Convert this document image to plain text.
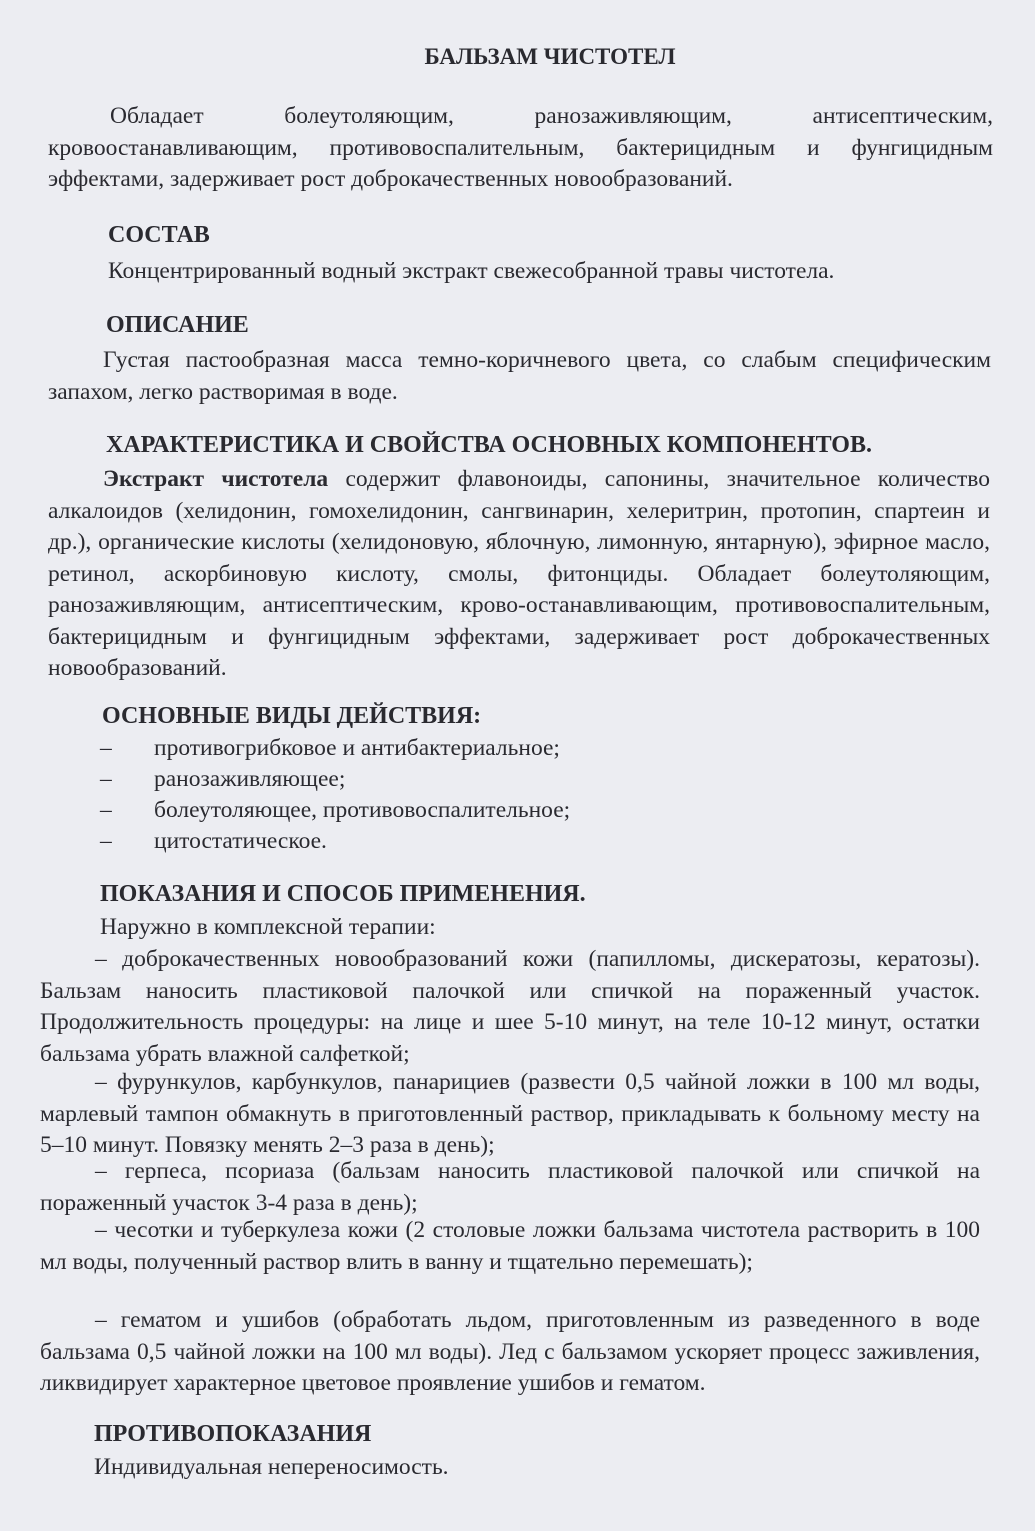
БАЛЬЗАМ ЧИСТОТЕЛ

Обладает болеутоляющим, ранозаживляющим, антисептическим, кровоостанавливающим, противовоспалительным, бактерицидным и фунгицидным эффектами, задерживает рост доброкачественных новообразований.

СОСТАВ
Концентрированный водный экстракт свежесобранной травы чистотела.
ОПИСАНИЕ

Густая пастообразная масса темно-коричневого цвета, со слабым специфическим запахом, легко растворимая в воде.

ХАРАКТЕРИСТИКА И СВОЙСТВА ОСНОВНЫХ КОМПОНЕНТОВ.

Экстракт чистотела содержит флавоноиды, сапонины, значительное количество алкалоидов (хелидонин, гомохелидонин, сангвинарин, хелеритрин, протопин, спартеин и др.), органические кислоты (хелидоновую, яблочную, лимонную, янтарную), эфирное масло, ретинол, аскорбиновую кислоту, смолы, фитонциды. Обладает болеутоляющим, ранозаживляющим, антисептическим, крово-останавливающим, противовоспалительным, бактерицидным и фунгицидным эффектами, задерживает рост доброкачественных новообразований.

ОСНОВНЫЕ ВИДЫ ДЕЙСТВИЯ:
– противогрибковое и антибактериальное;
– ранозаживляющее;
– болеутоляющее, противовоспалительное;
– цитостатическое.
ПОКАЗАНИЯ И СПОСОБ ПРИМЕНЕНИЯ.
Наружно в комплексной терапии:

– доброкачественных новообразований кожи (папилломы, дискератозы, кератозы). Бальзам наносить пластиковой палочкой или спичкой на пораженный участок. Продолжительность процедуры: на лице и шее 5-10 минут, на теле 10-12 минут, остатки бальзама убрать влажной салфеткой;

– фурункулов, карбункулов, панарициев (развести 0,5 чайной ложки в 100 мл воды, марлевый тампон обмакнуть в приготовленный раствор, прикладывать к больному месту на 5–10 минут. Повязку менять 2–3 раза в день);

– герпеса, псориаза (бальзам наносить пластиковой палочкой или спичкой на пораженный участок 3-4 раза в день);

– чесотки и туберкулеза кожи (2 столовые ложки бальзама чистотела растворить в 100 мл воды, полученный раствор влить в ванну и тщательно перемешать);

– гематом и ушибов (обработать льдом, приготовленным из разведенного в воде бальзама 0,5 чайной ложки на 100 мл воды). Лед с бальзамом ускоряет процесс заживления, ликвидирует характерное цветовое проявление ушибов и гематом.

ПРОТИВОПОКАЗАНИЯ
Индивидуальная непереносимость.
